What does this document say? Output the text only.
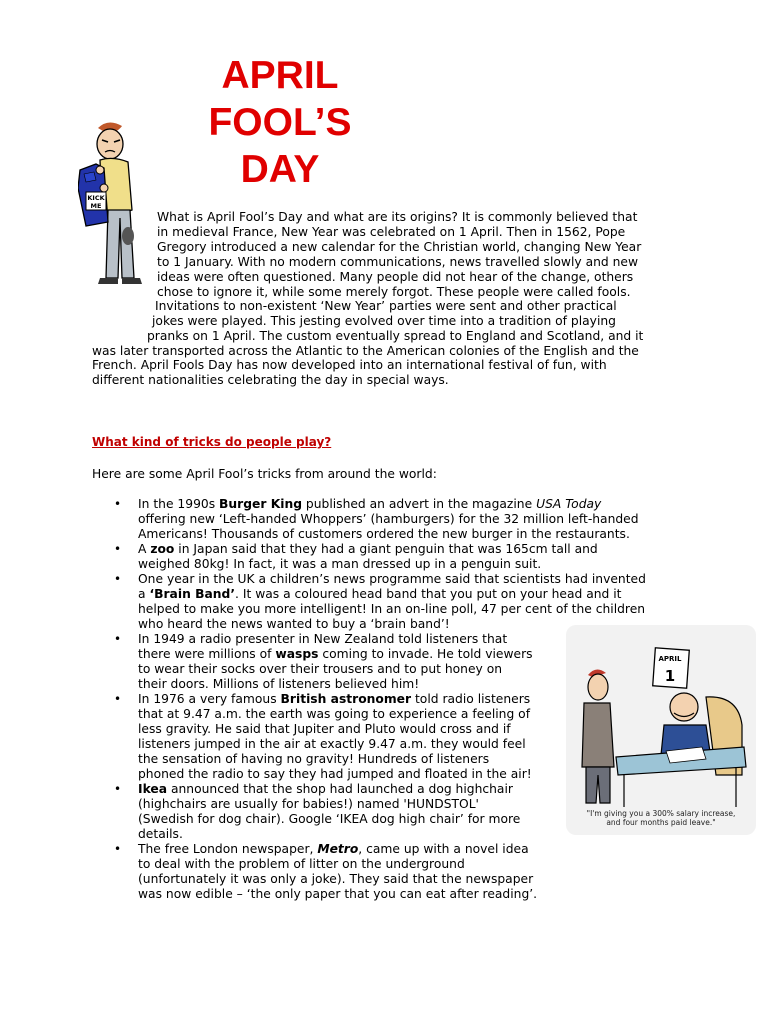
APRIL
FOOL’S
DAY
KICK
ME

What is April Fool’s Day and what are its origins? It is commonly believed that

in medieval France, New Year was celebrated on 1 April. Then in 1562, Pope

Gregory introduced a new calendar for the Christian world, changing New Year

to 1 January. With no modern communications, news travelled slowly and new

ideas were often questioned. Many people did not hear of the change, others

chose to ignore it, while some merely forgot. These people were called fools.

Invitations to non-existent ‘New Year’ parties were sent and other practical

jokes were played. This jesting evolved over time into a tradition of playing

pranks on 1 April. The custom eventually spread to England and Scotland, and it

was later transported across the Atlantic to the American colonies of the English and the

French. April Fools Day has now developed into an international festival of fun, with

different nationalities celebrating the day in special ways.

What kind of tricks do people play?

Here are some April Fool’s tricks from around the world:

• In the 1990s Burger King published an advert in the magazine USA Today
offering new ‘Left-handed Whoppers’ (hamburgers) for the 32 million left-handed
Americans! Thousands of customers ordered the new burger in the restaurants.
• A zoo in Japan said that they had a giant penguin that was 165cm tall and
weighed 80kg! In fact, it was a man dressed up in a penguin suit.
• One year in the UK a children’s news programme said that scientists had invented
a ‘Brain Band’. It was a coloured head band that you put on your head and it
helped to make you more intelligent! In an on-line poll, 47 per cent of the children
who heard the news wanted to buy a ‘brain band’!
• In 1949 a radio presenter in New Zealand told listeners that
there were millions of wasps coming to invade. He told viewers
to wear their socks over their trousers and to put honey on
their doors. Millions of listeners believed him!
• In 1976 a very famous British astronomer told radio listeners
that at 9.47 a.m. the earth was going to experience a feeling of
less gravity. He said that Jupiter and Pluto would cross and if
listeners jumped in the air at exactly 9.47 a.m. they would feel
the sensation of having no gravity! Hundreds of listeners
phoned the radio to say they had jumped and floated in the air!
• Ikea announced that the shop had launched a dog highchair
(highchairs are usually for babies!) named 'HUNDSTOL'
(Swedish for dog chair). Google ‘IKEA dog high chair’ for more
details.
• The free London newspaper, Metro, came up with a novel idea
to deal with the problem of litter on the underground
(unfortunately it was only a joke). They said that the newspaper
was now edible – ‘the only paper that you can eat after reading’.
APRIL
1
"I'm giving you a 300% salary increase,
and four months paid leave."
